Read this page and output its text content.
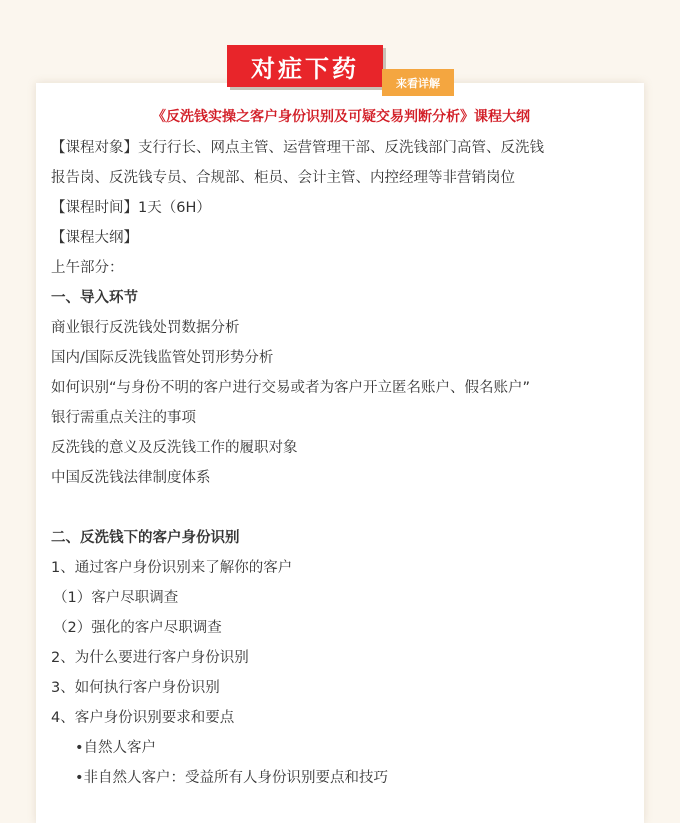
对症下药
来看详解
《反洗钱实操之客户身份识别及可疑交易判断分析》课程大纲
【课程对象】支行行长、网点主管、运营管理干部、反洗钱部门高管、反洗钱
报告岗、反洗钱专员、合规部、柜员、会计主管、内控经理等非营销岗位
【课程时间】1天（6H）
【课程大纲】
上午部分：
一、导入环节
商业银行反洗钱处罚数据分析
国内/国际反洗钱监管处罚形势分析
如何识别“与身份不明的客户进行交易或者为客户开立匿名账户、假名账户”
银行需重点关注的事项
反洗钱的意义及反洗钱工作的履职对象
中国反洗钱法律制度体系
二、反洗钱下的客户身份识别
1、通过客户身份识别来了解你的客户
（1）客户尽职调查
（2）强化的客户尽职调查
2、为什么要进行客户身份识别
3、如何执行客户身份识别
4、客户身份识别要求和要点
•自然人客户
•非自然人客户：受益所有人身份识别要点和技巧
